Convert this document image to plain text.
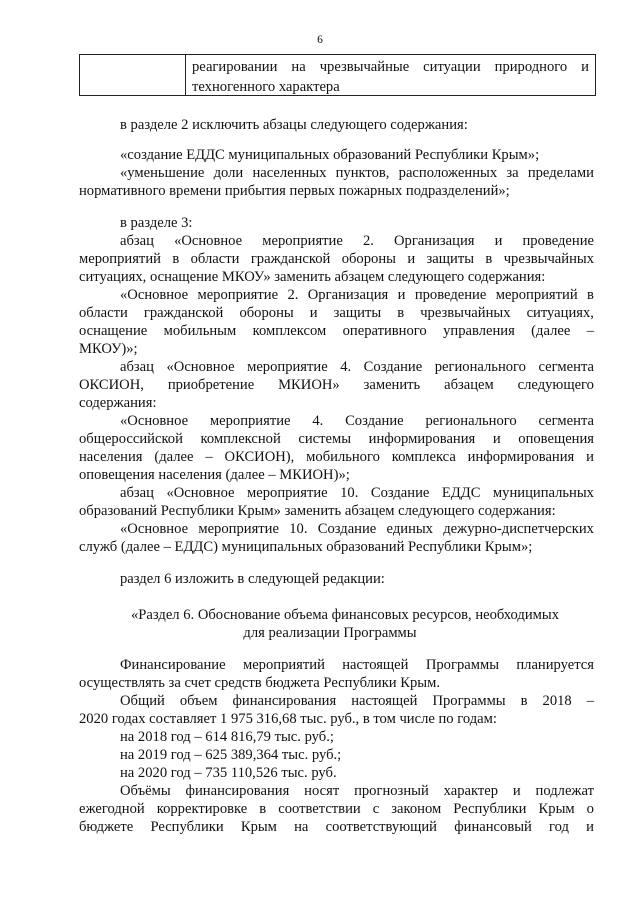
6
реагировании на чрезвычайные ситуации природного и
техногенного характера
в разделе 2 исключить абзацы следующего содержания:
«создание ЕДДС муниципальных образований Республики Крым»;
«уменьшение доли населенных пунктов, расположенных за пределами
нормативного времени прибытия первых пожарных подразделений»;
в разделе 3:
абзац «Основное мероприятие 2. Организация и проведение
мероприятий в области гражданской обороны и защиты в чрезвычайных
ситуациях, оснащение МКОУ» заменить абзацем следующего содержания:
«Основное мероприятие 2. Организация и проведение мероприятий в
области гражданской обороны и защиты в чрезвычайных ситуациях,
оснащение мобильным комплексом оперативного управления (далее –
МКОУ)»;
абзац «Основное мероприятие 4. Создание регионального сегмента
ОКСИОН, приобретение МКИОН» заменить абзацем следующего
содержания:
«Основное мероприятие 4. Создание регионального сегмента
общероссийской комплексной системы информирования и оповещения
населения (далее – ОКСИОН), мобильного комплекса информирования и
оповещения населения (далее – МКИОН)»;
абзац «Основное мероприятие 10. Создание ЕДДС муниципальных
образований Республики Крым» заменить абзацем следующего содержания:
«Основное мероприятие 10. Создание единых дежурно-диспетчерских
служб (далее – ЕДДС) муниципальных образований Республики Крым»;
раздел 6 изложить в следующей редакции:
«Раздел 6. Обоснование объема финансовых ресурсов, необходимых
для реализации Программы
Финансирование мероприятий настоящей Программы планируется
осуществлять за счет средств бюджета Республики Крым.
Общий объем финансирования настоящей Программы в 2018 –
2020 годах составляет 1 975 316,68 тыс. руб., в том числе по годам:
на 2018 год – 614 816,79 тыс. руб.;
на 2019 год – 625 389,364 тыс. руб.;
на 2020 год – 735 110,526 тыс. руб.
Объёмы финансирования носят прогнозный характер и подлежат
ежегодной корректировке в соответствии с законом Республики Крым о
бюджете Республики Крым на соответствующий финансовый год и
